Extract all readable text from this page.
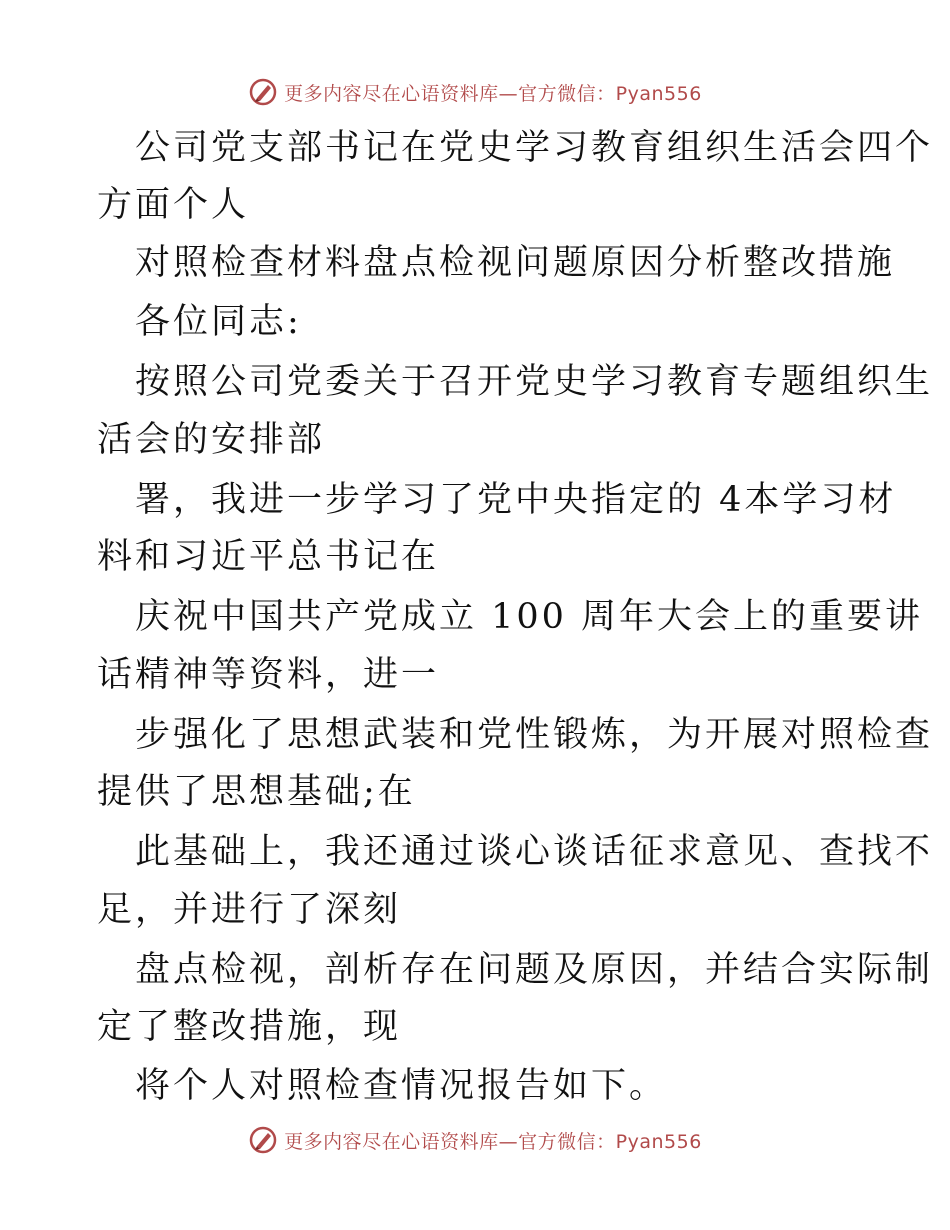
更多内容尽在心语资料库—官方微信：Pyan556
公司党支部书记在党史学习教育组织生活会四个
方面个人
对照检查材料盘点检视问题原因分析整改措施
各位同志:
按照公司党委关于召开党史学习教育专题组织生
活会的安排部
署，我进一步学习了党中央指定的 4本学习材
料和习近平总书记在
庆祝中国共产党成立 100 周年大会上的重要讲
话精神等资料，进一
步强化了思想武装和党性锻炼，为开展对照检查
提供了思想基础;在
此基础上，我还通过谈心谈话征求意见、查找不
足，并进行了深刻
盘点检视，剖析存在问题及原因，并结合实际制
定了整改措施，现
将个人对照检查情况报告如下。
更多内容尽在心语资料库—官方微信：Pyan556
